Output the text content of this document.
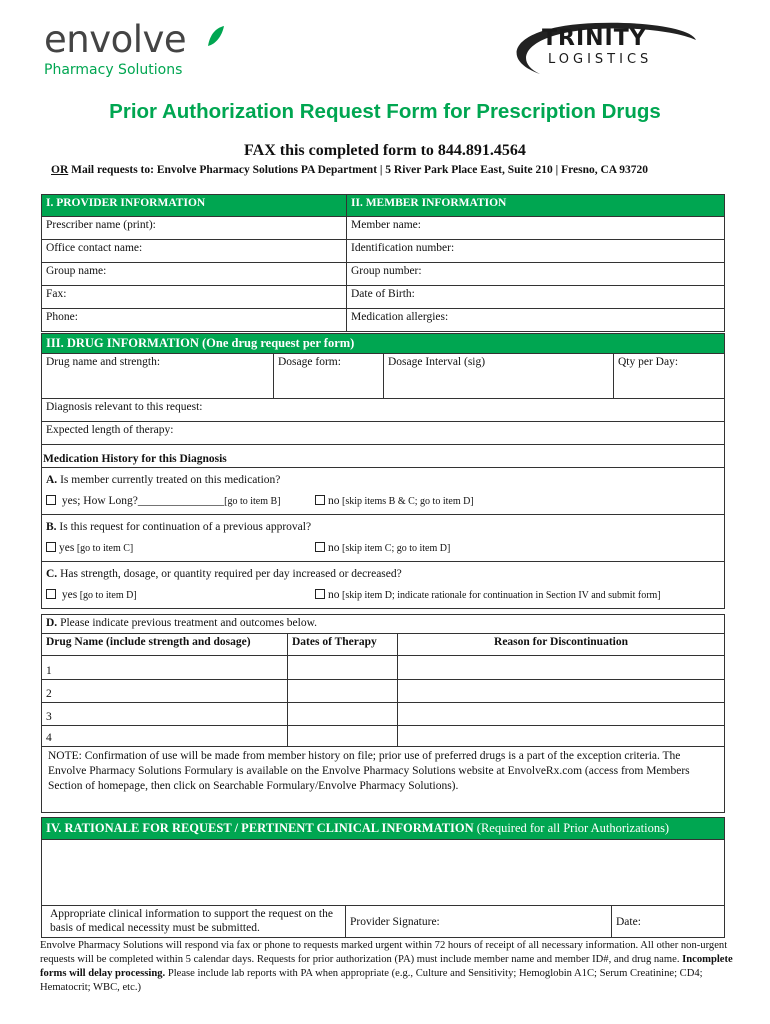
envolve
Pharmacy Solutions
TRINITY
LOGISTICS
Prior Authorization Request Form for Prescription Drugs
FAX this completed form to 844.891.4564
OR Mail requests to: Envolve Pharmacy Solutions PA Department | 5 River Park Place East, Suite 210 | Fresno, CA 93720
I. PROVIDER INFORMATION	II. MEMBER INFORMATION
Prescriber name (print):	Member name:
Office contact name:	Identification number:
Group name:	Group number:
Fax:	Date of Birth:
Phone:	Medication allergies:
III. DRUG INFORMATION (One drug request per form)
Drug name and strength:	Dosage form:	Dosage Interval (sig)	Qty per Day:
Diagnosis relevant to this request:
Expected length of therapy:
Medication History for this Diagnosis

A. Is member currently treated on this medication?
yes; How Long?_______________[go to item B]	no [skip items B & C; go to item D]

B. Is this request for continuation of a previous approval?
yes [go to item C]	no [skip item C; go to item D]

C. Has strength, dosage, or quantity required per day increased or decreased?
yes [go to item D]	no [skip item D; indicate rationale for continuation in Section IV and submit form]
D. Please indicate previous treatment and outcomes below.		
Drug Name (include strength and dosage)	Dates of Therapy	Reason for Discontinuation
1		
2		
3		
4		
NOTE: Confirmation of use will be made from member history on file; prior use of preferred drugs is a part of the exception criteria. The Envolve Pharmacy Solutions Formulary is available on the Envolve Pharmacy Solutions website at EnvolveRx.com (access from Members Section of homepage, then click on Searchable Formulary/Envolve Pharmacy Solutions).		
IV. RATIONALE FOR REQUEST / PERTINENT CLINICAL INFORMATION (Required for all Prior Authorizations)

Appropriate clinical information to support the request on the basis of medical necessity must be submitted.	Provider Signature:	Date:
Envolve Pharmacy Solutions will respond via fax or phone to requests marked urgent within 72 hours of receipt of all necessary information. All other non-urgent requests will be completed within 5 calendar days. Requests for prior authorization (PA) must include member name and member ID#, and drug name. Incomplete forms will delay processing. Please include lab reports with PA when appropriate (e.g., Culture and Sensitivity; Hemoglobin A1C; Serum Creatinine; CD4; Hematocrit; WBC, etc.)
